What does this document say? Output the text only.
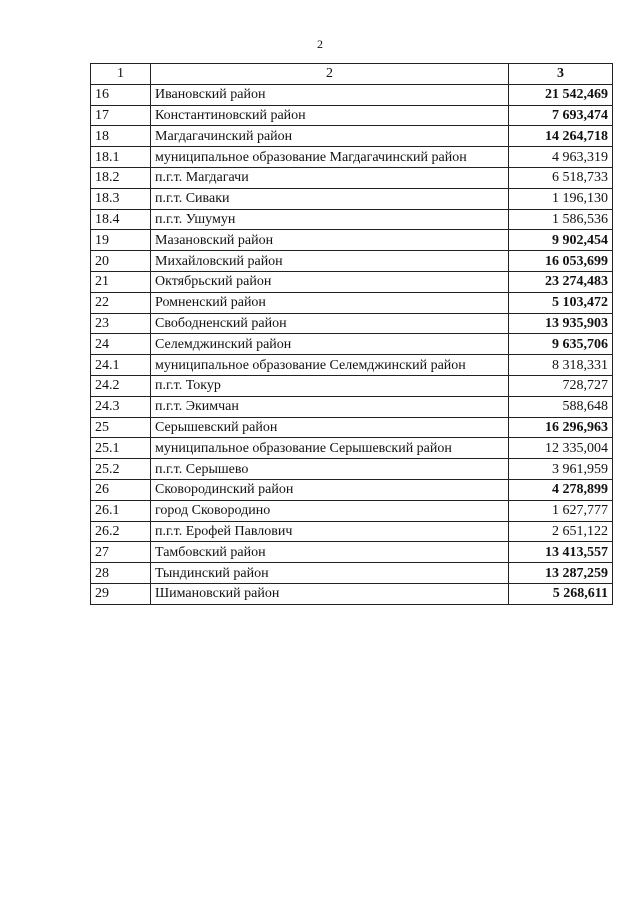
2
1	2	3
16	Ивановский район	21 542,469
17	Константиновский район	7 693,474
18	Магдагачинский район	14 264,718
18.1	муниципальное образование Магдагачинский район	4 963,319
18.2	п.г.т. Магдагачи	6 518,733
18.3	п.г.т. Сиваки	1 196,130
18.4	п.г.т. Ушумун	1 586,536
19	Мазановский район	9 902,454
20	Михайловский район	16 053,699
21	Октябрьский район	23 274,483
22	Ромненский район	5 103,472
23	Свободненский район	13 935,903
24	Селемджинский район	9 635,706
24.1	муниципальное образование Селемджинский район	8 318,331
24.2	п.г.т. Токур	728,727
24.3	п.г.т. Экимчан	588,648
25	Серышевский район	16 296,963
25.1	муниципальное образование Серышевский район	12 335,004
25.2	п.г.т. Серышево	3 961,959
26	Сковородинский район	4 278,899
26.1	город Сковородино	1 627,777
26.2	п.г.т. Ерофей Павлович	2 651,122
27	Тамбовский район	13 413,557
28	Тындинский район	13 287,259
29	Шимановский район	5 268,611
